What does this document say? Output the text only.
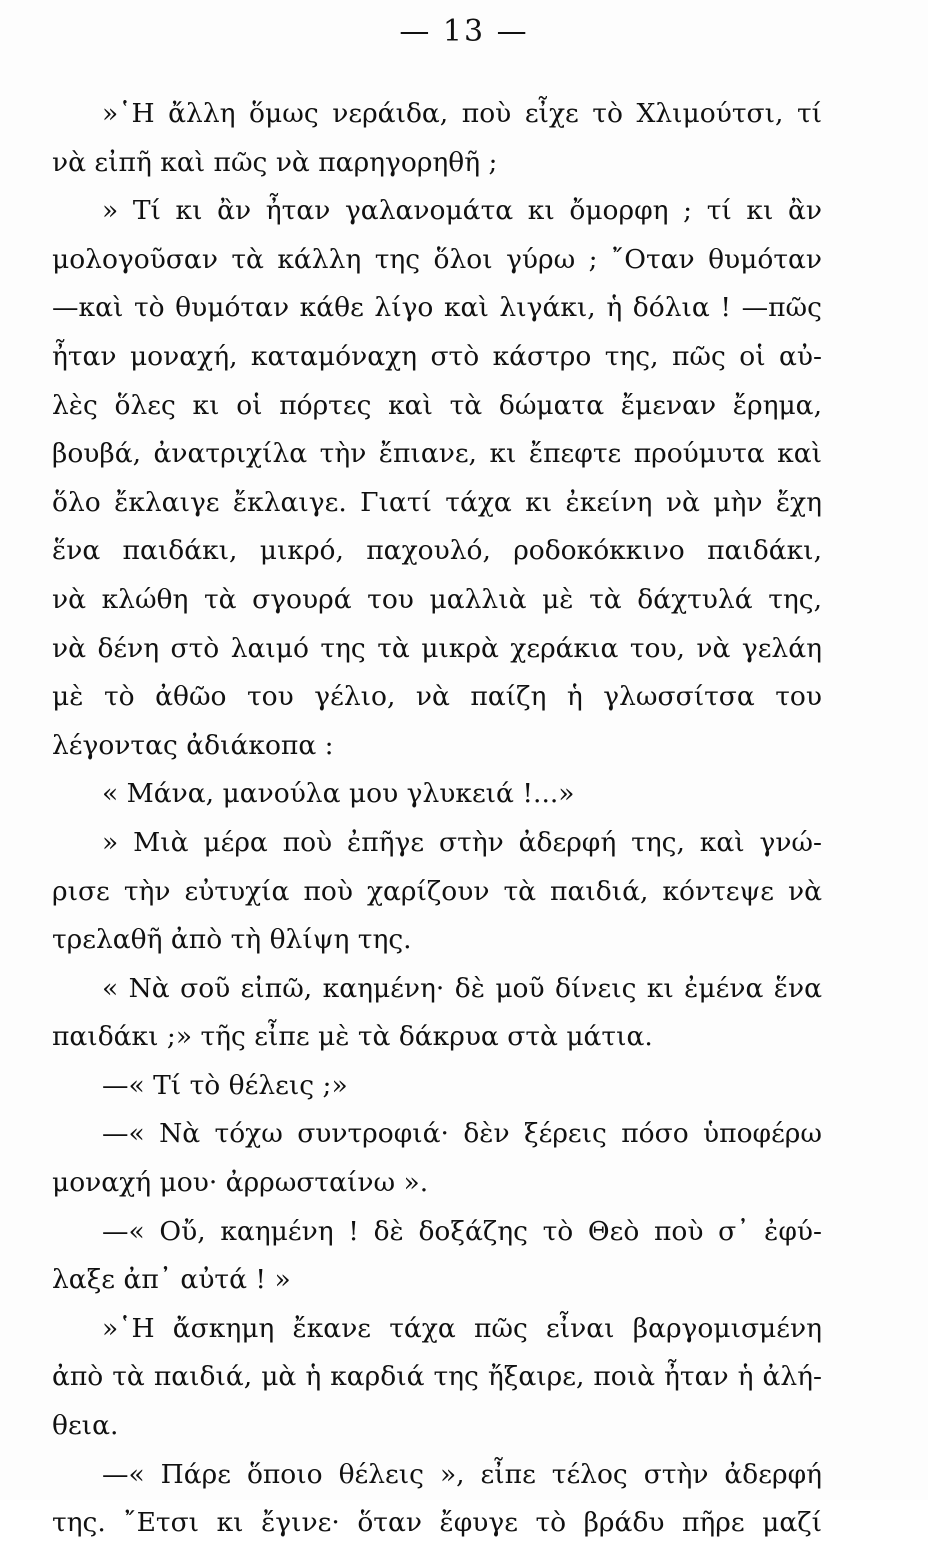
— 13 —
»῾Η ἄλλη ὅμως νεράιδα, ποὺ εἶχε τὸ Χλιμούτσι, τί
νὰ εἰπῆ καὶ πῶς νὰ παρηγορηθῆ ;
» Τί κι ἂν ἦταν γαλανομάτα κι ὄμορφη ; τί κι ἂν
μολογοῦσαν τὰ κάλλη της ὅλοι γύρω ; ῎Οταν θυμόταν
—καὶ τὸ θυμόταν κάθε λίγο καὶ λιγάκι, ἡ δόλια ! —πῶς
ἦταν μοναχή, καταμόναχη στὸ κάστρο της, πῶς οἱ αὐ-
λὲς ὅλες κι οἱ πόρτες καὶ τὰ δώματα ἔμεναν ἔρημα,
βουβά, ἀνατριχίλα τὴν ἔπιανε, κι ἔπεφτε προύμυτα καὶ
ὅλο ἔκλαιγε ἔκλαιγε. Γιατί τάχα κι ἐκείνη νὰ μὴν ἔχη
ἕνα παιδάκι, μικρό, παχουλό, ροδοκόκκινο παιδάκι,
νὰ κλώθη τὰ σγουρά του μαλλιὰ μὲ τὰ δάχτυλά της,
νὰ δένη στὸ λαιμό της τὰ μικρὰ χεράκια του, νὰ γελάη
μὲ τὸ ἀθῶο του γέλιο, νὰ παίζη ἡ γλωσσίτσα του
λέγοντας ἀδιάκοπα :
« Μάνα, μανούλα μου γλυκειά !...»
» Μιὰ μέρα ποὺ ἐπῆγε στὴν ἀδερφή της, καὶ γνώ-
ρισε τὴν εὐτυχία ποὺ χαρίζουν τὰ παιδιά, κόντεψε νὰ
τρελαθῆ ἀπὸ τὴ θλίψη της.
« Νὰ σοῦ εἰπῶ, καημένη· δὲ μοῦ δίνεις κι ἐμένα ἕνα
παιδάκι ;» τῆς εἶπε μὲ τὰ δάκρυα στὰ μάτια.
—« Τί τὸ θέλεις ;»
—« Νὰ τόχω συντροφιά· δὲν ξέρεις πόσο ὑποφέρω
μοναχή μου· ἀρρωσταίνω ».
—« Οὔ, καημένη ! δὲ δοξάζης τὸ Θεὸ ποὺ σ᾿ ἐφύ-
λαξε ἀπ᾿ αὐτά ! »
»῾Η ἄσκημη ἔκανε τάχα πῶς εἶναι βαργομισμένη
ἀπὸ τὰ παιδιά, μὰ ἡ καρδιά της ἤξαιρε, ποιὰ ἦταν ἡ ἀλή-
θεια.
—« Πάρε ὅποιο θέλεις », εἶπε τέλος στὴν ἀδερφή
της. ῎Ετσι κι ἔγινε· ὅταν ἔφυγε τὸ βράδυ πῆρε μαζί
